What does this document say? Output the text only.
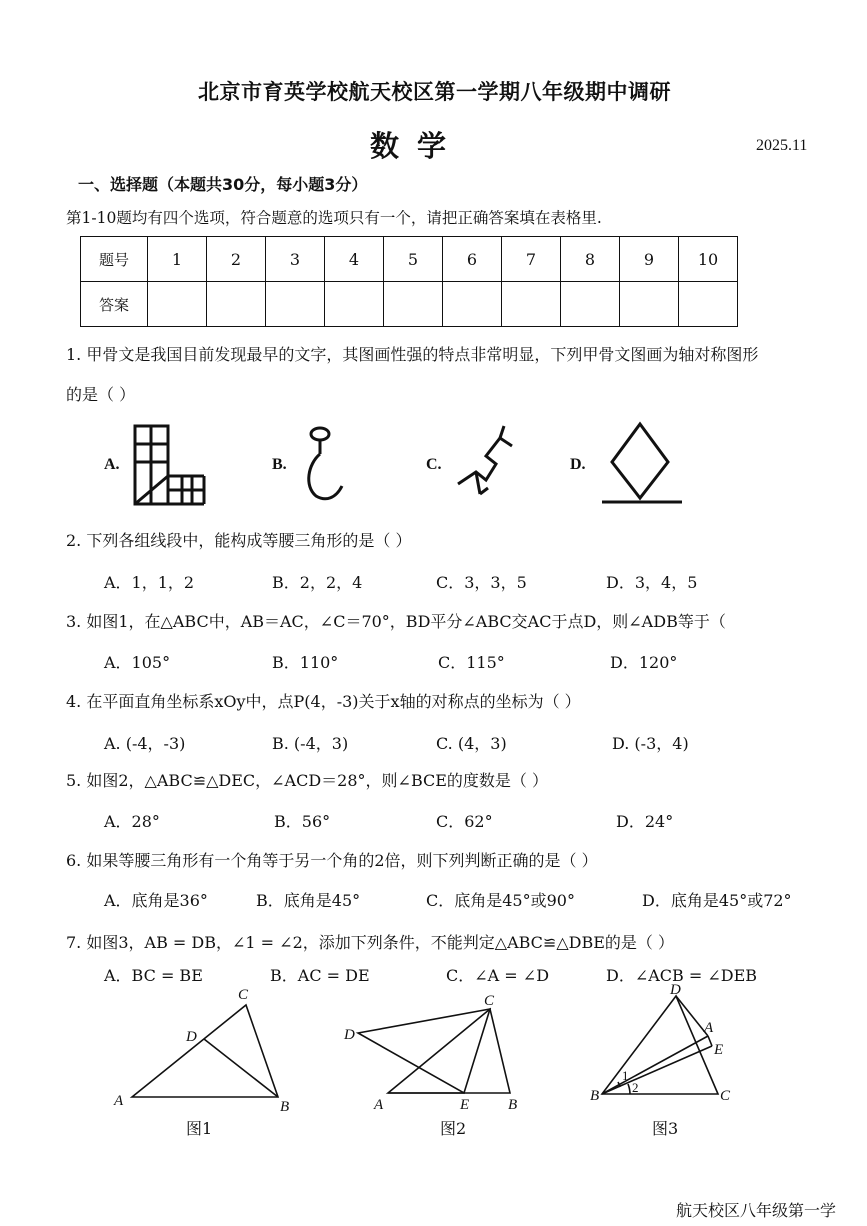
北京市育英学校航天校区第一学期八年级期中调研
数学	2025.11
一、选择题（本题共30分，每小题3分）
第1-10题均有四个选项，符合题意的选项只有一个，请把正确答案填在表格里.
题号	1	2	3	4	5	6	7	8	9	10
答案										
1. 甲骨文是我国目前发现最早的文字，其图画性强的特点非常明显，下列甲骨文图画为轴对称图形
的是（ ）
A.	B.	C.	D.
2. 下列各组线段中，能构成等腰三角形的是（ ）
A．1，1，2	B．2，2，4	C．3，3，5	D．3，4，5
3. 如图1，在△ABC中，AB＝AC，∠C＝70°，BD平分∠ABC交AC于点D，则∠ADB等于（
A．105°	B．110°	C．115°	D．120°
4. 在平面直角坐标系xOy中，点P(4，-3)关于x轴的对称点的坐标为（ ）
A. (-4，-3)	B. (-4，3)	C. (4，3)	D. (-3，4)
5. 如图2，△ABC≌△DEC，∠ACD＝28°，则∠BCE的度数是（ ）
A．28°	B．56°	C．62°	D．24°
6. 如果等腰三角形有一个角等于另一个角的2倍，则下列判断正确的是（ ）
A．底角是36°	B．底角是45°	C．底角是45°或90°	D．底角是45°或72°
7. 如图3，AB = DB，∠1 = ∠2，添加下列条件，不能判定△ABC≌△DBE的是（ ）
A．BC = BE	B．AC = DE	C．∠A = ∠D	D．∠ACB = ∠DEB
A	B
C
D
图1
A	B
C
D
E
图2
A
B	C
D
E
1
2
图3
航天校区八年级第一学
